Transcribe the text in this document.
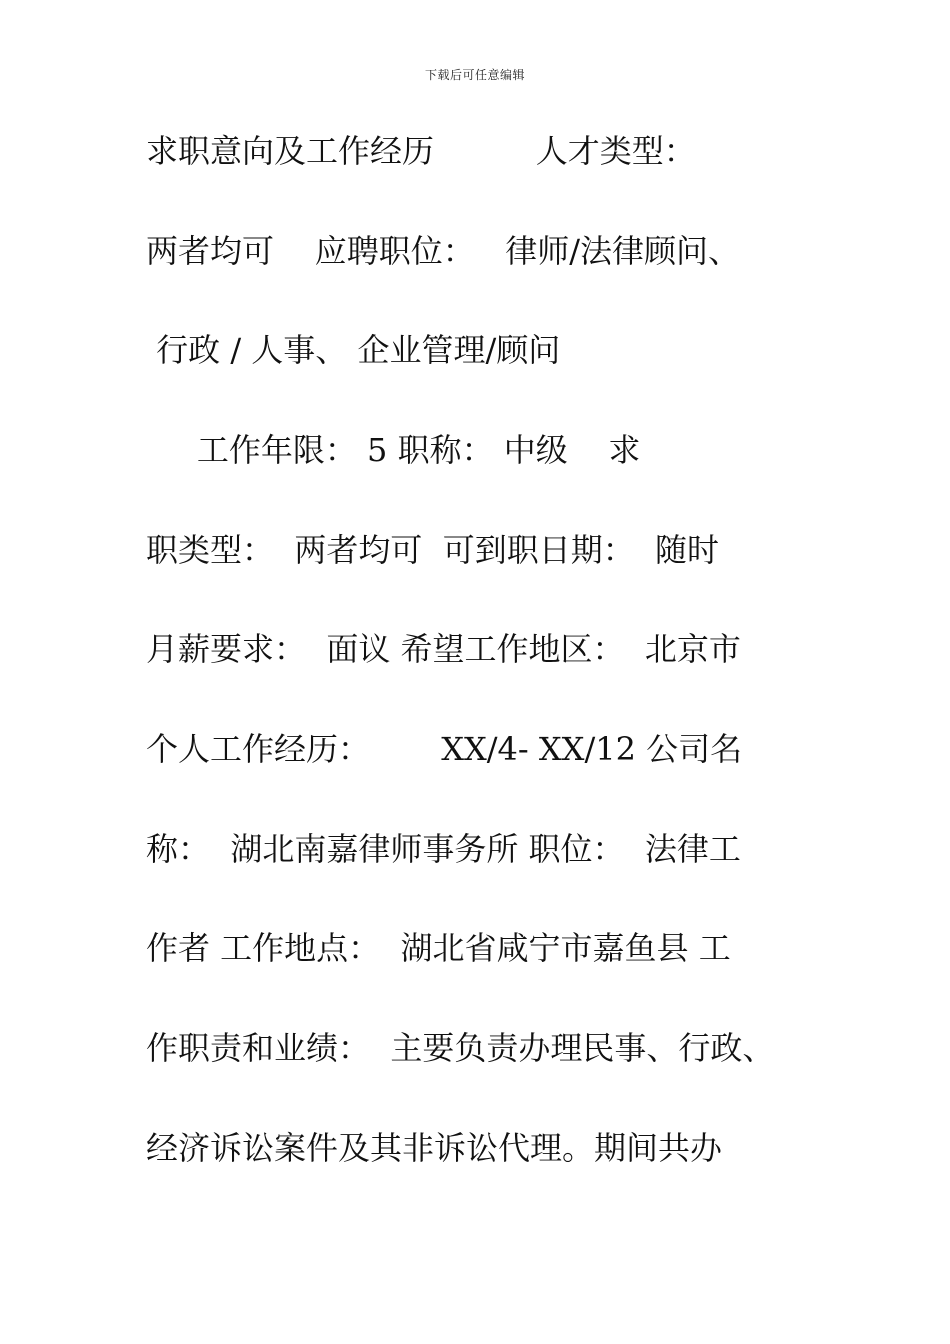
下载后可任意编辑
求职意向及工作经历          人才类型：
两者均可    应聘职位：   律师/法律顾问、
行政 / 人事、 企业管理/顾问
工作年限： 5 职称： 中级    求
职类型：  两者均可  可到职日期：  随时
月薪要求：  面议 希望工作地区：  北京市
个人工作经历：       XX/4- XX/12 公司名
称：  湖北南嘉律师事务所 职位：  法律工
作者 工作地点：  湖北省咸宁市嘉鱼县 工
作职责和业绩：  主要负责办理民事、行政、
经济诉讼案件及其非诉讼代理。期间共办
